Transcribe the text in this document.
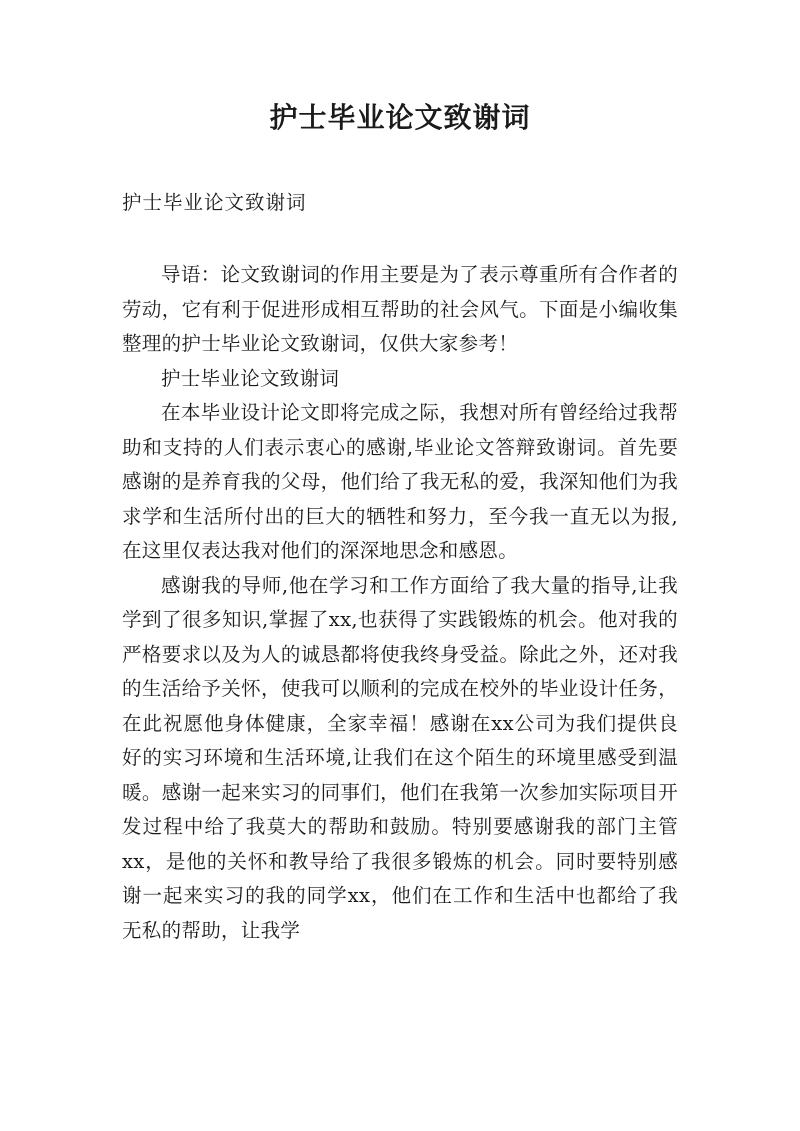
护士毕业论文致谢词
护士毕业论文致谢词

导语：论文致谢词的作用主要是为了表示尊重所有合作者的劳动，它有利于促进形成相互帮助的社会风气。下面是小编收集整理的护士毕业论文致谢词，仅供大家参考！

护士毕业论文致谢词

在本毕业设计论文即将完成之际，我想对所有曾经给过我帮助和支持的人们表示衷心的感谢,毕业论文答辩致谢词。首先要感谢的是养育我的父母，他们给了我无私的爱，我深知他们为我求学和生活所付出的巨大的牺牲和努力，至今我一直无以为报,在这里仅表达我对他们的深深地思念和感恩。

感谢我的导师,他在学习和工作方面给了我大量的指导,让我学到了很多知识,掌握了xx,也获得了实践锻炼的机会。他对我的严格要求以及为人的诚恳都将使我终身受益。除此之外，还对我的生活给予关怀，使我可以顺利的完成在校外的毕业设计任务，在此祝愿他身体健康，全家幸福！感谢在xx公司为我们提供良好的实习环境和生活环境,让我们在这个陌生的环境里感受到温暖。感谢一起来实习的同事们，他们在我第一次参加实际项目开发过程中给了我莫大的帮助和鼓励。特别要感谢我的部门主管xx，是他的关怀和教导给了我很多锻炼的机会。同时要特别感谢一起来实习的我的同学xx，他们在工作和生活中也都给了我无私的帮助，让我学
